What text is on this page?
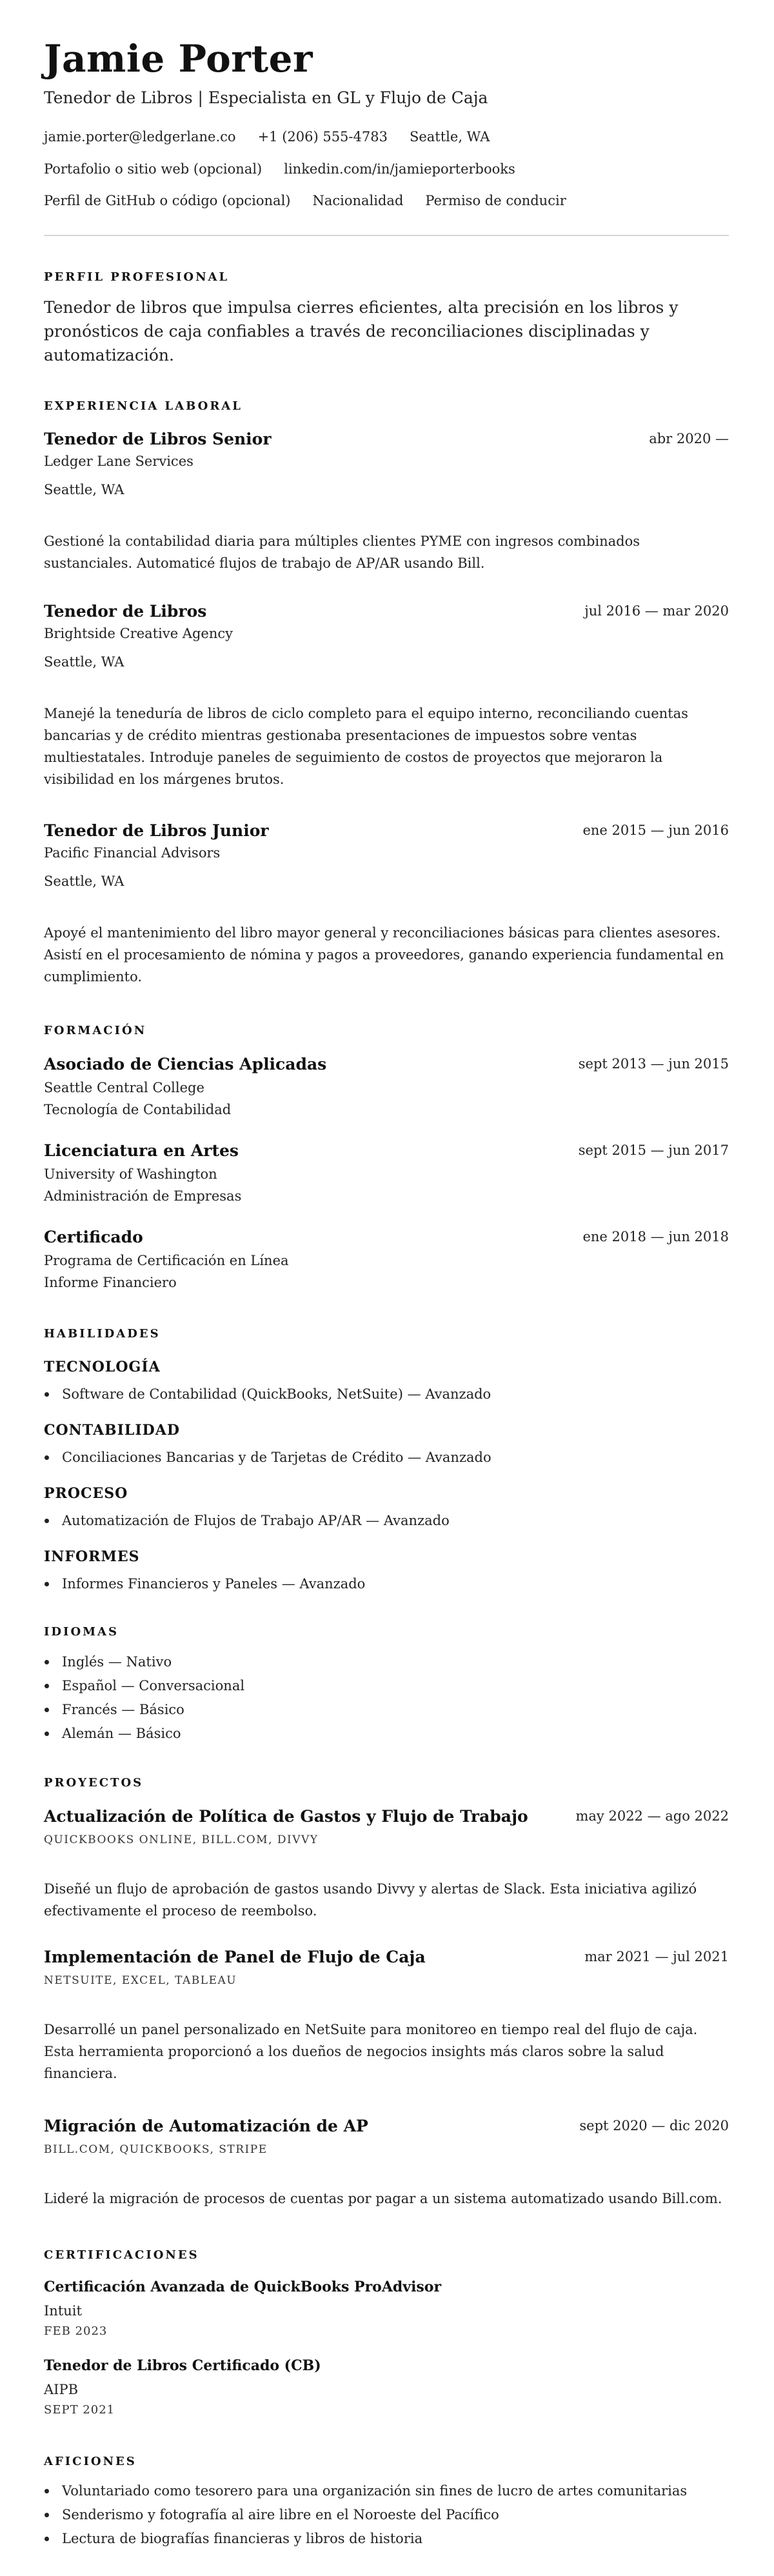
Jamie Porter
Tenedor de Libros | Especialista en GL y Flujo de Caja
jamie.porter@ledgerlane.co +1 (206) 555-4783 Seattle, WA
Portafolio o sitio web (opcional) linkedin.com/in/jamieporterbooks
Perfil de GitHub o código (opcional) Nacionalidad Permiso de conducir
PERFIL PROFESIONAL
Tenedor de libros que impulsa cierres eficientes, alta precisión en los libros y pronósticos de caja confiables a través de reconciliaciones disciplinadas y automatización.
EXPERIENCIA LABORAL
Tenedor de Libros Senior	abr 2020 —
Ledger Lane Services
Seattle, WA
Gestioné la contabilidad diaria para múltiples clientes PYME con ingresos combinados sustanciales. Automaticé flujos de trabajo de AP/AR usando Bill.
Tenedor de Libros	jul 2016 — mar 2020
Brightside Creative Agency
Seattle, WA
Manejé la teneduría de libros de ciclo completo para el equipo interno, reconciliando cuentas bancarias y de crédito mientras gestionaba presentaciones de impuestos sobre ventas multiestatales. Introduje paneles de seguimiento de costos de proyectos que mejoraron la visibilidad en los márgenes brutos.
Tenedor de Libros Junior	ene 2015 — jun 2016
Pacific Financial Advisors
Seattle, WA
Apoyé el mantenimiento del libro mayor general y reconciliaciones básicas para clientes asesores. Asistí en el procesamiento de nómina y pagos a proveedores, ganando experiencia fundamental en cumplimiento.
FORMACIÓN
Asociado de Ciencias Aplicadas	sept 2013 — jun 2015
Seattle Central College
Tecnología de Contabilidad
Licenciatura en Artes	sept 2015 — jun 2017
University of Washington
Administración de Empresas
Certificado	ene 2018 — jun 2018
Programa de Certificación en Línea
Informe Financiero
HABILIDADES
TECNOLOGÍA
Software de Contabilidad (QuickBooks, NetSuite) — Avanzado
CONTABILIDAD
Conciliaciones Bancarias y de Tarjetas de Crédito — Avanzado
PROCESO
Automatización de Flujos de Trabajo AP/AR — Avanzado
INFORMES
Informes Financieros y Paneles — Avanzado
IDIOMAS
Inglés — Nativo
Español — Conversacional
Francés — Básico
Alemán — Básico
PROYECTOS
Actualización de Política de Gastos y Flujo de Trabajo	may 2022 — ago 2022
QUICKBOOKS ONLINE, BILL.COM, DIVVY
Diseñé un flujo de aprobación de gastos usando Divvy y alertas de Slack. Esta iniciativa agilizó efectivamente el proceso de reembolso.
Implementación de Panel de Flujo de Caja	mar 2021 — jul 2021
NETSUITE, EXCEL, TABLEAU
Desarrollé un panel personalizado en NetSuite para monitoreo en tiempo real del flujo de caja. Esta herramienta proporcionó a los dueños de negocios insights más claros sobre la salud financiera.
Migración de Automatización de AP	sept 2020 — dic 2020
BILL.COM, QUICKBOOKS, STRIPE
Lideré la migración de procesos de cuentas por pagar a un sistema automatizado usando Bill.com.
CERTIFICACIONES
Certificación Avanzada de QuickBooks ProAdvisor
Intuit
FEB 2023
Tenedor de Libros Certificado (CB)
AIPB
SEPT 2021
AFICIONES
Voluntariado como tesorero para una organización sin fines de lucro de artes comunitarias
Senderismo y fotografía al aire libre en el Noroeste del Pacífico
Lectura de biografías financieras y libros de historia
